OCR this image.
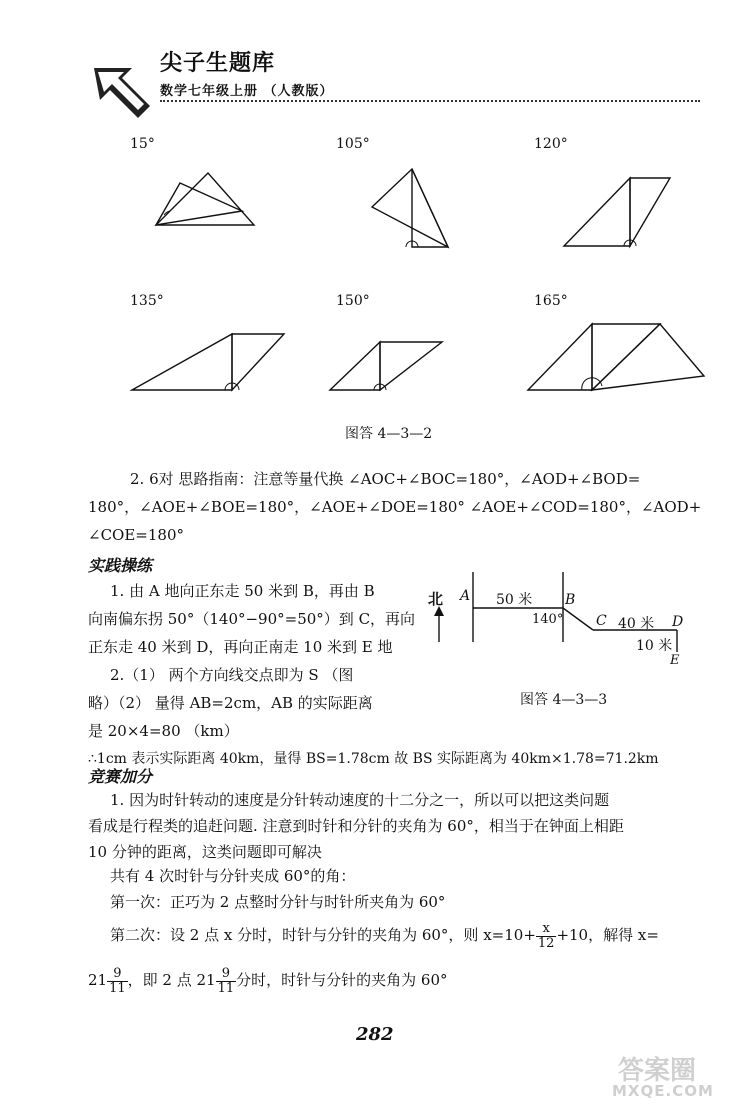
尖子生题库
数学七年级上册 （人教版）
15°	105°	120°
135°	150°	165°
图答 4—3—2
2. 6对 思路指南：注意等量代换 ∠AOC+∠BOC=180°，∠AOD+∠BOD=
180°，∠AOE+∠BOE=180°，∠AOE+∠DOE=180° ∠AOE+∠COD=180°，∠AOD+
∠COE=180°
实践操练
1. 由 A 地向正东走 50 米到 B，再由 B
向南偏东拐 50°（140°−90°=50°）到 C，再向
正东走 40 米到 D，再向正南走 10 米到 E 地
2.（1） 两个方向线交点即为 S （图
略）（2） 量得 AB=2cm，AB 的实际距离
是 20×4=80 （km）
∴1cm 表示实际距离 40km，量得 BS=1.78cm 故 BS 实际距离为 40km×1.78=71.2km
北 A 50 米 B
140° C 40 米 D
10 米
E
图答 4—3—3
竞赛加分
1. 因为时针转动的速度是分针转动速度的十二分之一，所以可以把这类问题
看成是行程类的追赶问题. 注意到时针和分针的夹角为 60°，相当于在钟面上相距
10 分钟的距离，这类问题即可解决
共有 4 次时针与分针夹成 60°的角：
第一次：正巧为 2 点整时分针与时针所夹角为 60°
第二次：设 2 点 x 分时，时针与分针的夹角为 60°，则 $x=10+ \frac{x}{12} +10$，解得 x=
$21 \frac{9}{11}$ ，即 2 点 $21 \frac{9}{11}$ 分时，时针与分针的夹角为 60°
282
答案圈
MXQE.COM
